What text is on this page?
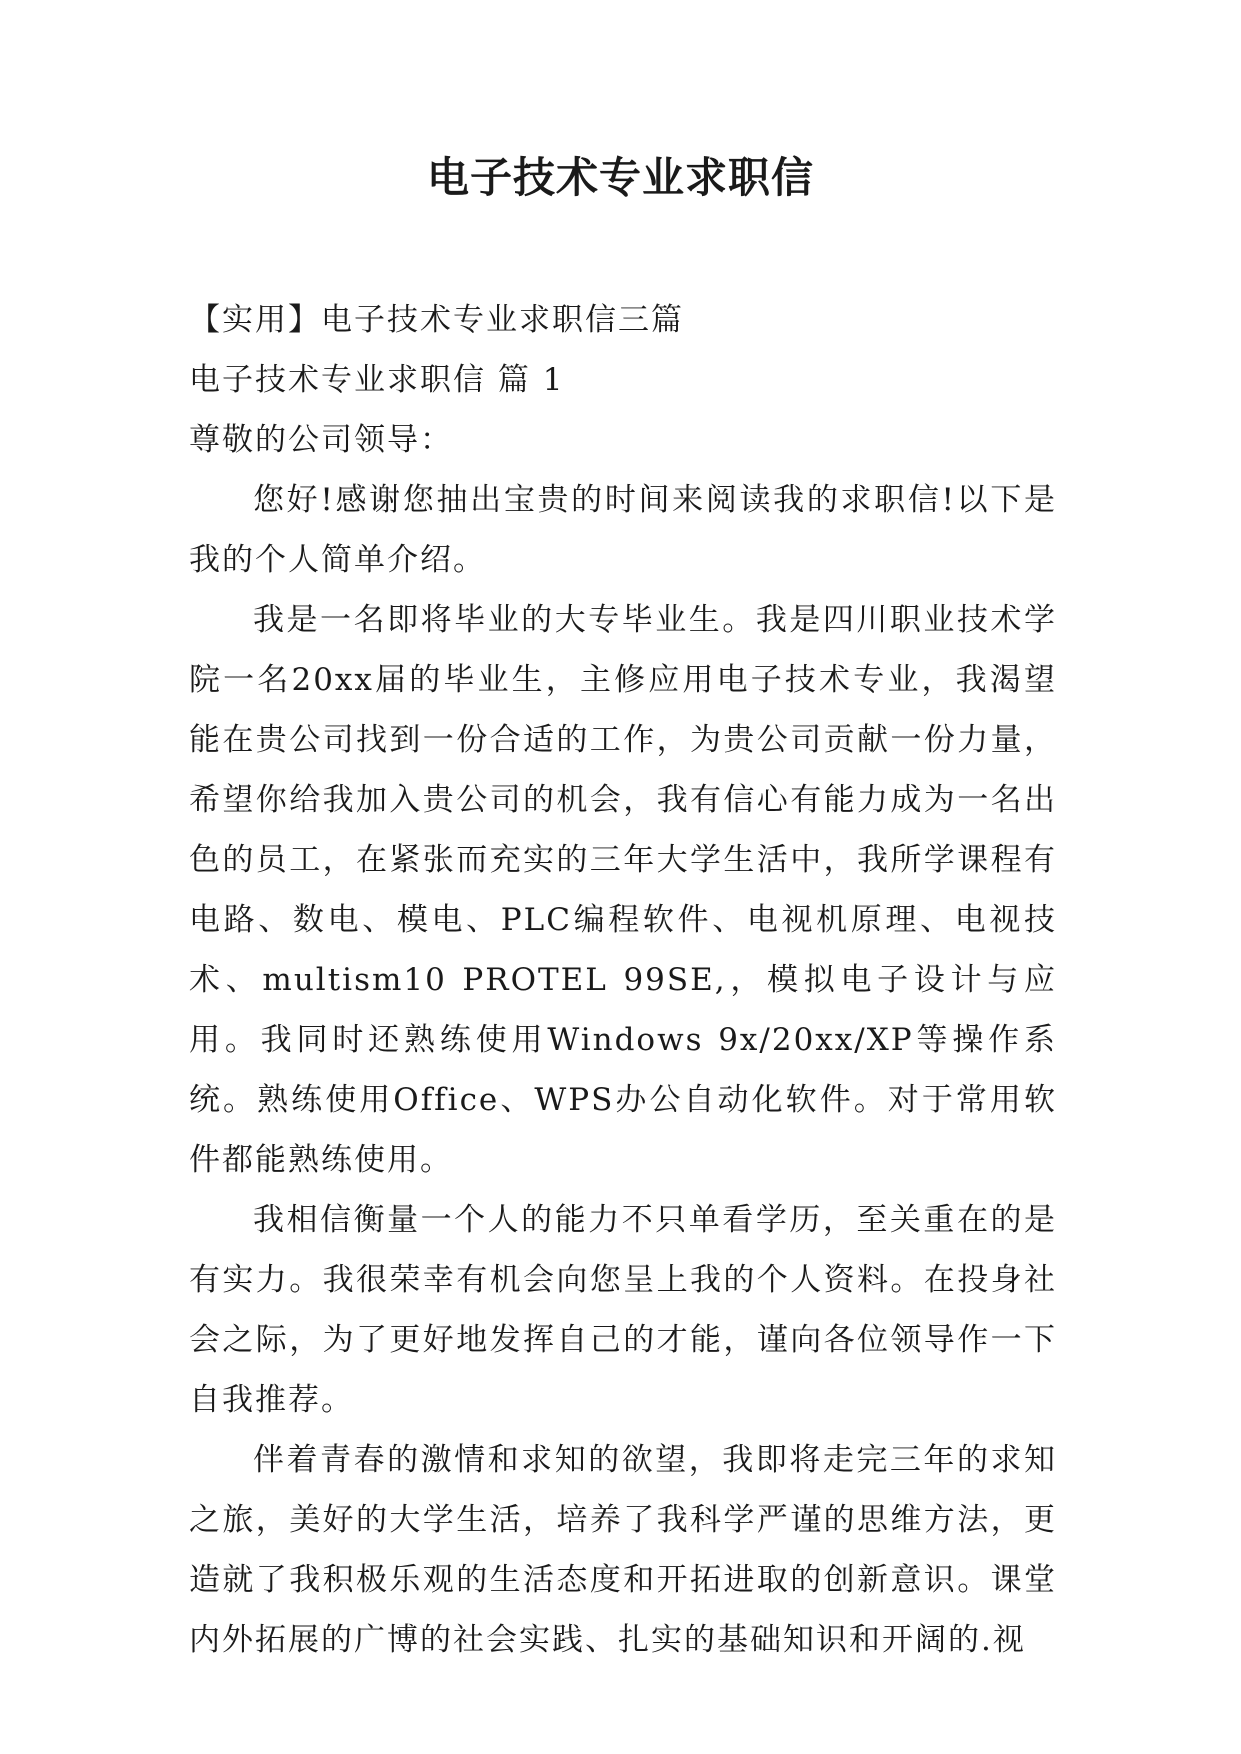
电子技术专业求职信
【实用】电子技术专业求职信三篇
电子技术专业求职信 篇 1
尊敬的公司领导：

您好!感谢您抽出宝贵的时间来阅读我的求职信!以下是我的个人简单介绍。

我是一名即将毕业的大专毕业生。我是四川职业技术学院一名20xx届的毕业生，主修应用电子技术专业，我渴望能在贵公司找到一份合适的工作，为贵公司贡献一份力量，希望你给我加入贵公司的机会，我有信心有能力成为一名出色的员工，在紧张而充实的三年大学生活中，我所学课程有电路、数电、模电、PLC编程软件、电视机原理、电视技术、multism10 PROTEL 99SE,，模拟电子设计与应用。我同时还熟练使用Windows 9x/20xx/XP等操作系统。熟练使用Office、WPS办公自动化软件。对于常用软件都能熟练使用。

我相信衡量一个人的能力不只单看学历，至关重在的是有实力。我很荣幸有机会向您呈上我的个人资料。在投身社会之际，为了更好地发挥自己的才能，谨向各位领导作一下自我推荐。

伴着青春的激情和求知的欲望，我即将走完三年的求知之旅，美好的大学生活，培养了我科学严谨的思维方法，更造就了我积极乐观的生活态度和开拓进取的创新意识。课堂内外拓展的广博的社会实践、扎实的基础知识和开阔的.视
